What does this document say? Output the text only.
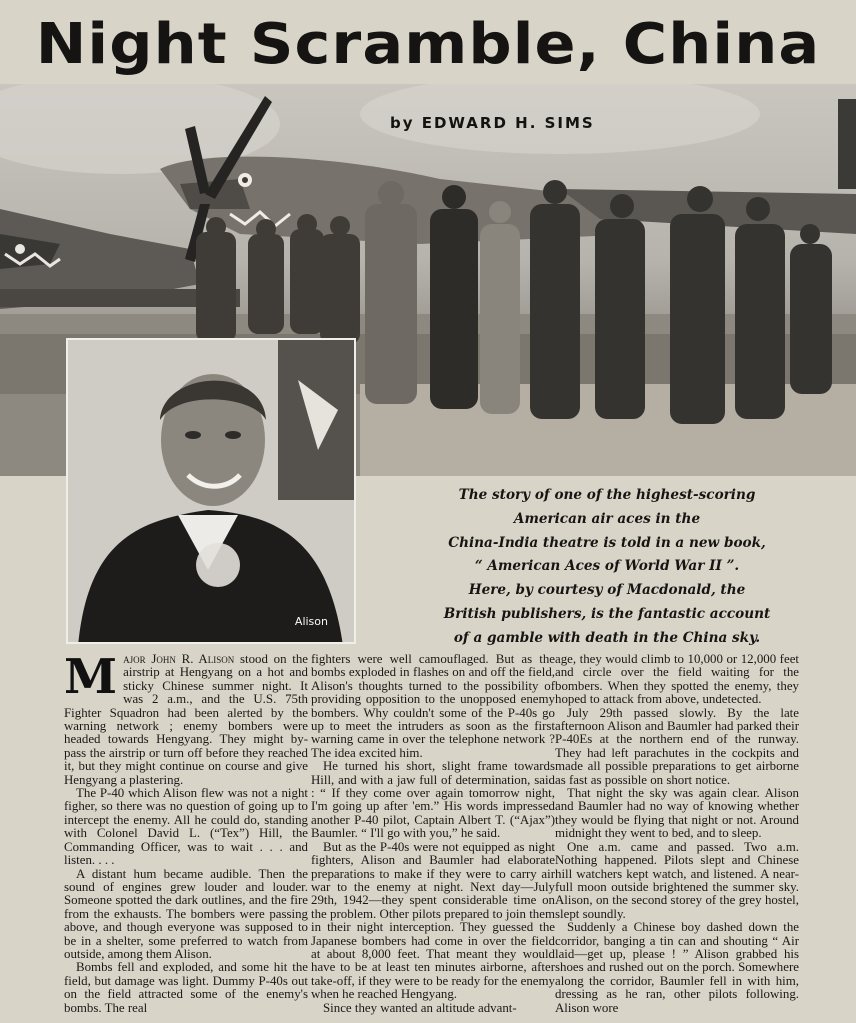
Night Scramble, China
by EDWARD H. SIMS
Alison
The story of one of the highest-scoring
American air aces in the
China-India theatre is told in a new book,
“ American Aces of World War II ”.
Here, by courtesy of Macdonald, the
British publishers, is the fantastic account
of a gamble with death in the China sky.

Major John R. Alison stood on the airstrip at Hengyang on a hot and sticky Chinese summer night. It was 2 a.m., and the U.S. 75th Fighter Squadron had been alerted by the warning network ; enemy bombers were headed towards Hengyang. They might by-pass the airstrip or turn off before they reached it, but they might continue on course and give Hengyang a plastering.

The P-40 which Alison flew was not a night figher, so there was no question of going up to intercept the enemy. All he could do, standing with Colonel David L. (“Tex”) Hill, the Commanding Officer, was to wait . . . and listen. . . .

A distant hum became audible. Then the sound of engines grew louder and louder. Someone spotted the dark outlines, and the fire from the exhausts. The bombers were passing above, and though everyone was supposed to be in a shelter, some preferred to watch from outside, among them Alison.

Bombs fell and exploded, and some hit the field, but damage was light. Dummy P-40s out on the field attracted some of the enemy's bombs. The real

fighters were well camouflaged. But as the bombs exploded in flashes on and off the field, Alison's thoughts turned to the possibility of providing opposition to the unopposed enemy bombers. Why couldn't some of the P-40s go up to meet the intruders as soon as the first warning came in over the telephone network ? The idea excited him.

He turned his short, slight frame towards Hill, and with a jaw full of determination, said : “ If they come over again tomorrow night, I'm going up after 'em.” His words impressed another P-40 pilot, Captain Albert T. (“Ajax”) Baumler. “ I'll go with you,” he said.

But as the P-40s were not equipped as night fighters, Alison and Baumler had elaborate preparations to make if they were to carry air war to the enemy at night. Next day—July 29th, 1942—they spent considerable time on the problem. Other pilots prepared to join them in their night interception. They guessed the Japanese bombers had come in over the field at about 8,000 feet. That meant they would have to be at least ten minutes airborne, after take-off, if they were to be ready for the enemy when he reached Hengyang.

Since they wanted an altitude advant-

age, they would climb to 10,000 or 12,000 feet and circle over the field waiting for the bombers. When they spotted the enemy, they hoped to attack from above, undetected.

July 29th passed slowly. By the late afternoon Alison and Baumler had parked their P-40Es at the northern end of the runway. They had left parachutes in the cockpits and made all possible preparations to get airborne as fast as possible on short notice.

That night the sky was again clear. Alison and Baumler had no way of knowing whether they would be flying that night or not. Around midnight they went to bed, and to sleep.

One a.m. came and passed. Two a.m. Nothing happened. Pilots slept and Chinese hill watchers kept watch, and listened. A near-full moon outside brightened the summer sky. Alison, on the second storey of the grey hostel, slept soundly.

Suddenly a Chinese boy dashed down the corridor, banging a tin can and shouting “ Air laid—get up, please ! ” Alison grabbed his shoes and rushed out on the porch. Somewhere along the corridor, Baumler fell in with him, dressing as he ran, other pilots following. Alison wore
